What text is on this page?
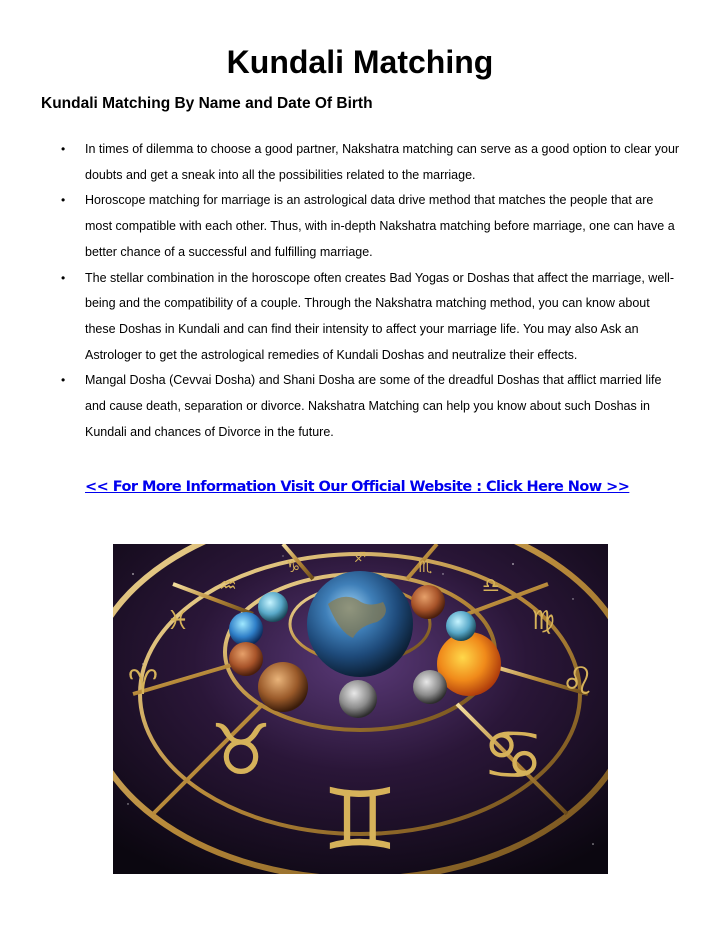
Kundali Matching
Kundali Matching By Name and Date Of Birth
• In times of dilemma to choose a good partner, Nakshatra matching can serve as a good option to clear your doubts and get a sneak into all the possibilities related to the marriage.
• Horoscope matching for marriage is an astrological data drive method that matches the people that are most compatible with each other. Thus, with in-depth Nakshatra matching before marriage, one can have a better chance of a successful and fulfilling marriage.
• The stellar combination in the horoscope often creates Bad Yogas or Doshas that affect the marriage, well-being and the compatibility of a couple. Through the Nakshatra matching method, you can know about these Doshas in Kundali and can find their intensity to affect your marriage life. You may also Ask an Astrologer to get the astrological remedies of Kundali Doshas and neutralize their effects.
• Mangal Dosha (Cevvai Dosha) and Shani Dosha are some of the dreadful Doshas that afflict married life and cause death, separation or divorce. Nakshatra Matching can help you know about such Doshas in Kundali and chances of Divorce in the future.
<< For More Information Visit Our Official Website : Click Here Now >>
♉
♊
♋
♈	♌
♓	♍
♒	♎
♑	♏
♐
